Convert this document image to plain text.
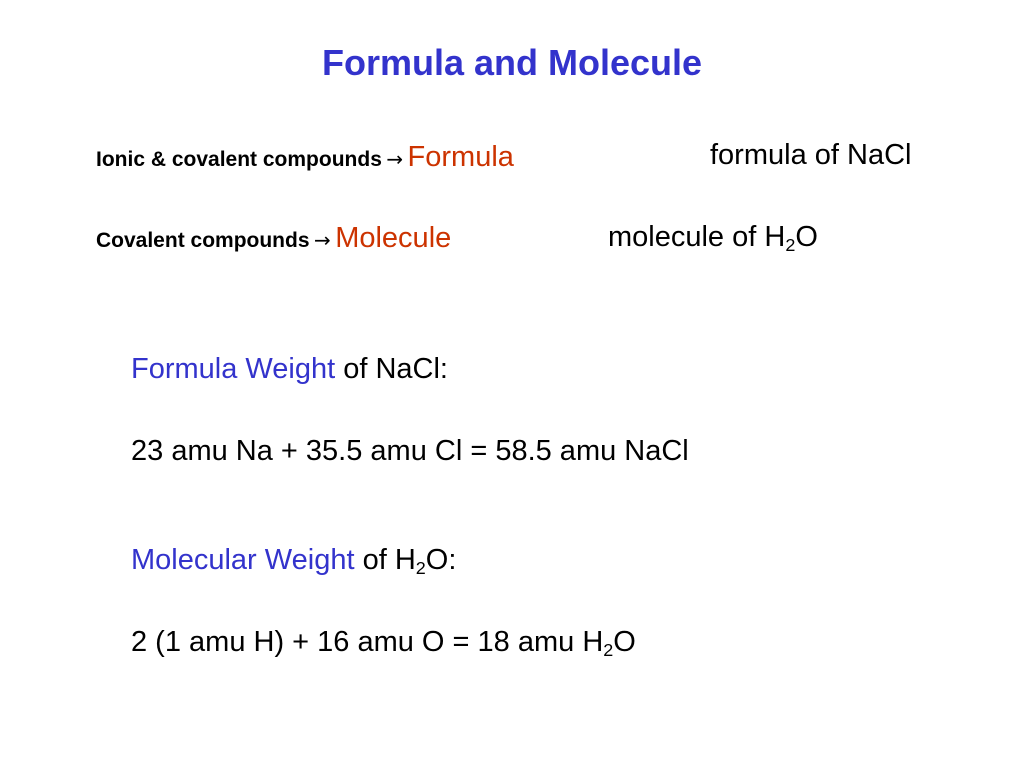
Formula and Molecule
Ionic & covalent compounds → Formula	formula of NaCl
Covalent compounds → Molecule	molecule of $H_2O$
Formula Weight of NaCl:
23 amu Na + 35.5 amu Cl = 58.5 amu NaCl
Molecular Weight of $H_2O$:
2 (1 amu H) + 16 amu O = 18 amu $H_2O$
